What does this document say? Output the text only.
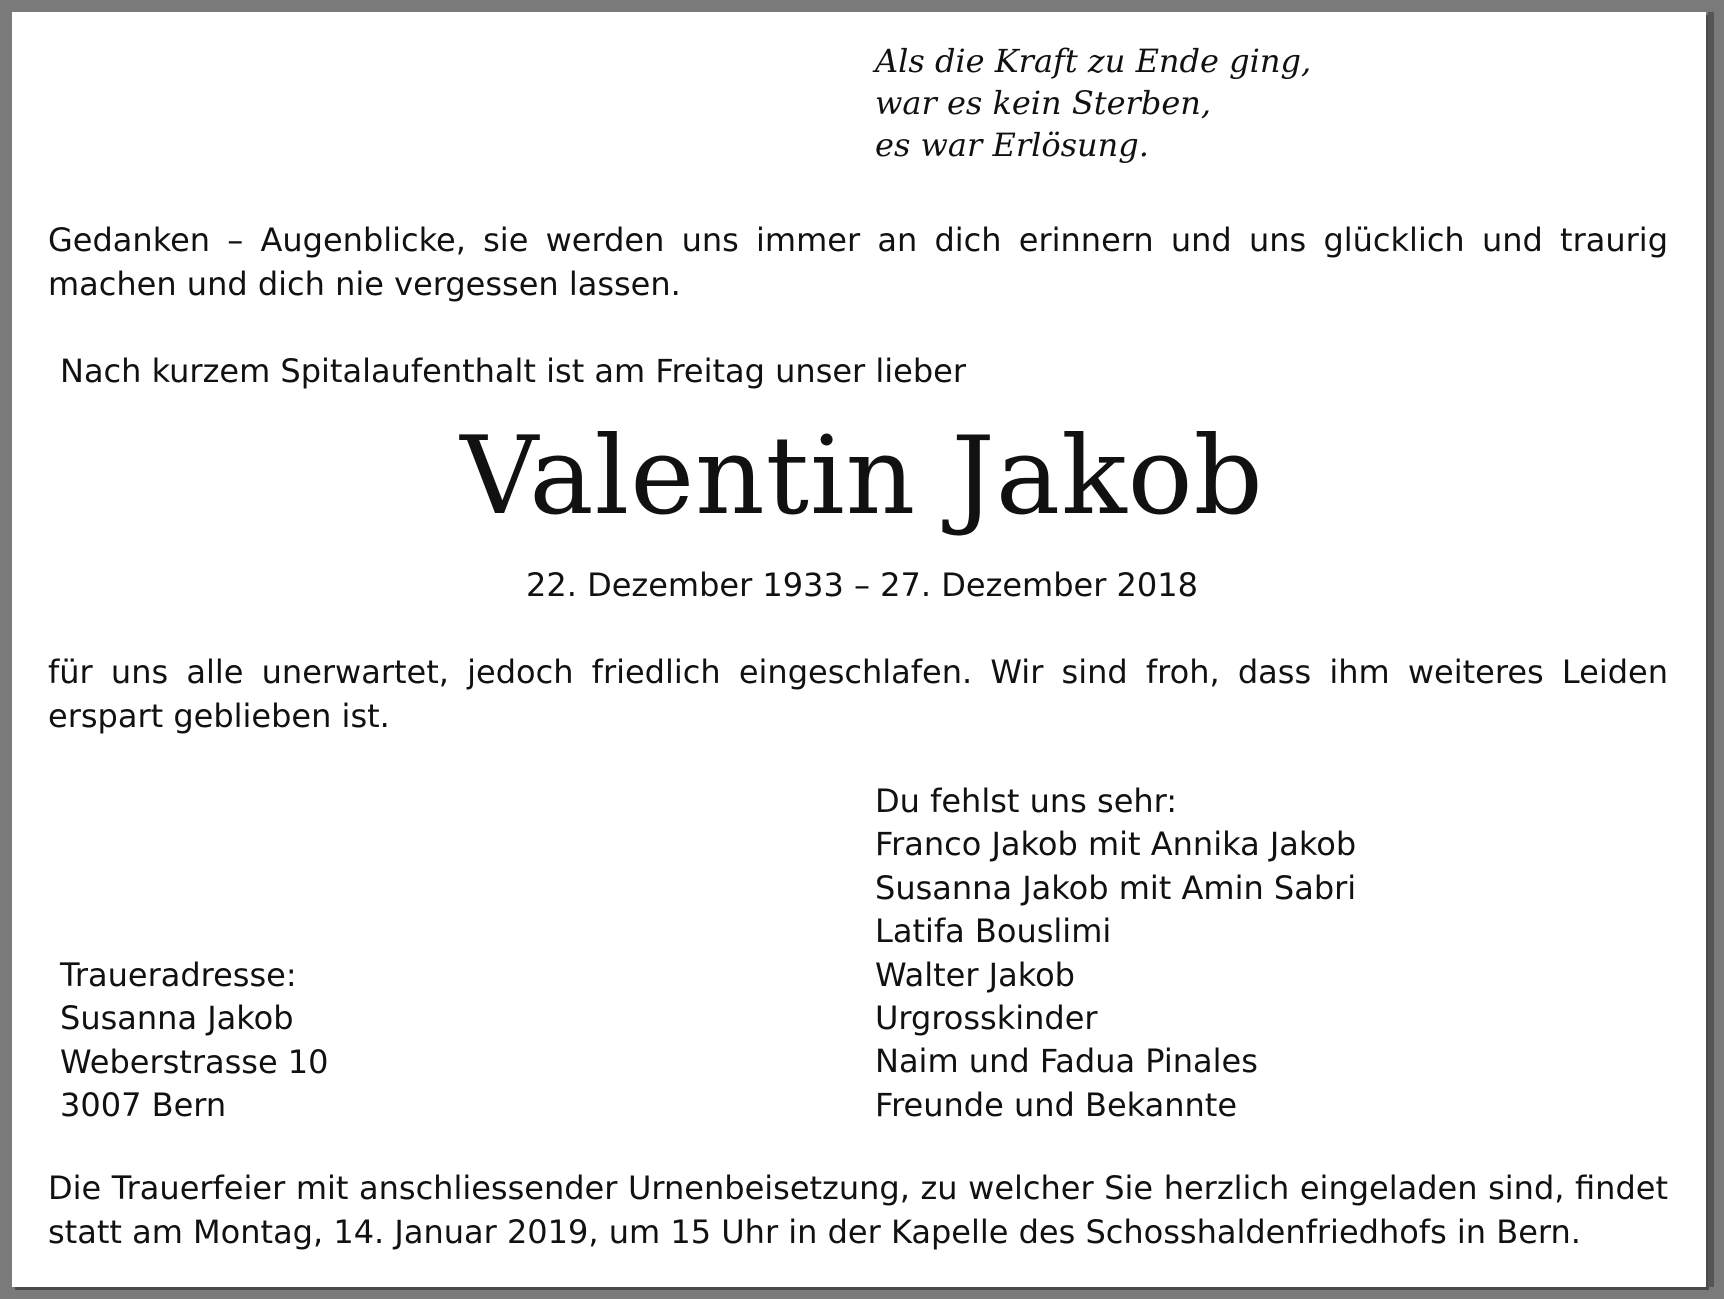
Als die Kraft zu Ende ging,
war es kein Sterben,
es war Erlösung.
Gedanken – Augenblicke, sie werden uns immer an dich erinnern und uns glücklich und traurig machen und dich nie vergessen lassen.
Nach kurzem Spitalaufenthalt ist am Freitag unser lieber
Valentin Jakob
22. Dezember 1933 – 27. Dezember 2018
für uns alle unerwartet, jedoch friedlich eingeschlafen. Wir sind froh, dass ihm weiteres Leiden erspart geblieben ist.
Du fehlst uns sehr:
Franco Jakob mit Annika Jakob
Susanna Jakob mit Amin Sabri
Latifa Bouslimi
Walter Jakob
Urgrosskinder
Naim und Fadua Pinales
Freunde und Bekannte
Traueradresse:
Susanna Jakob
Weberstrasse 10
3007 Bern
Die Trauerfeier mit anschliessender Urnenbeisetzung, zu welcher Sie herzlich eingeladen sind, findet statt am Montag, 14. Januar 2019, um 15 Uhr in der Kapelle des Schosshaldenfriedhofs in Bern.
